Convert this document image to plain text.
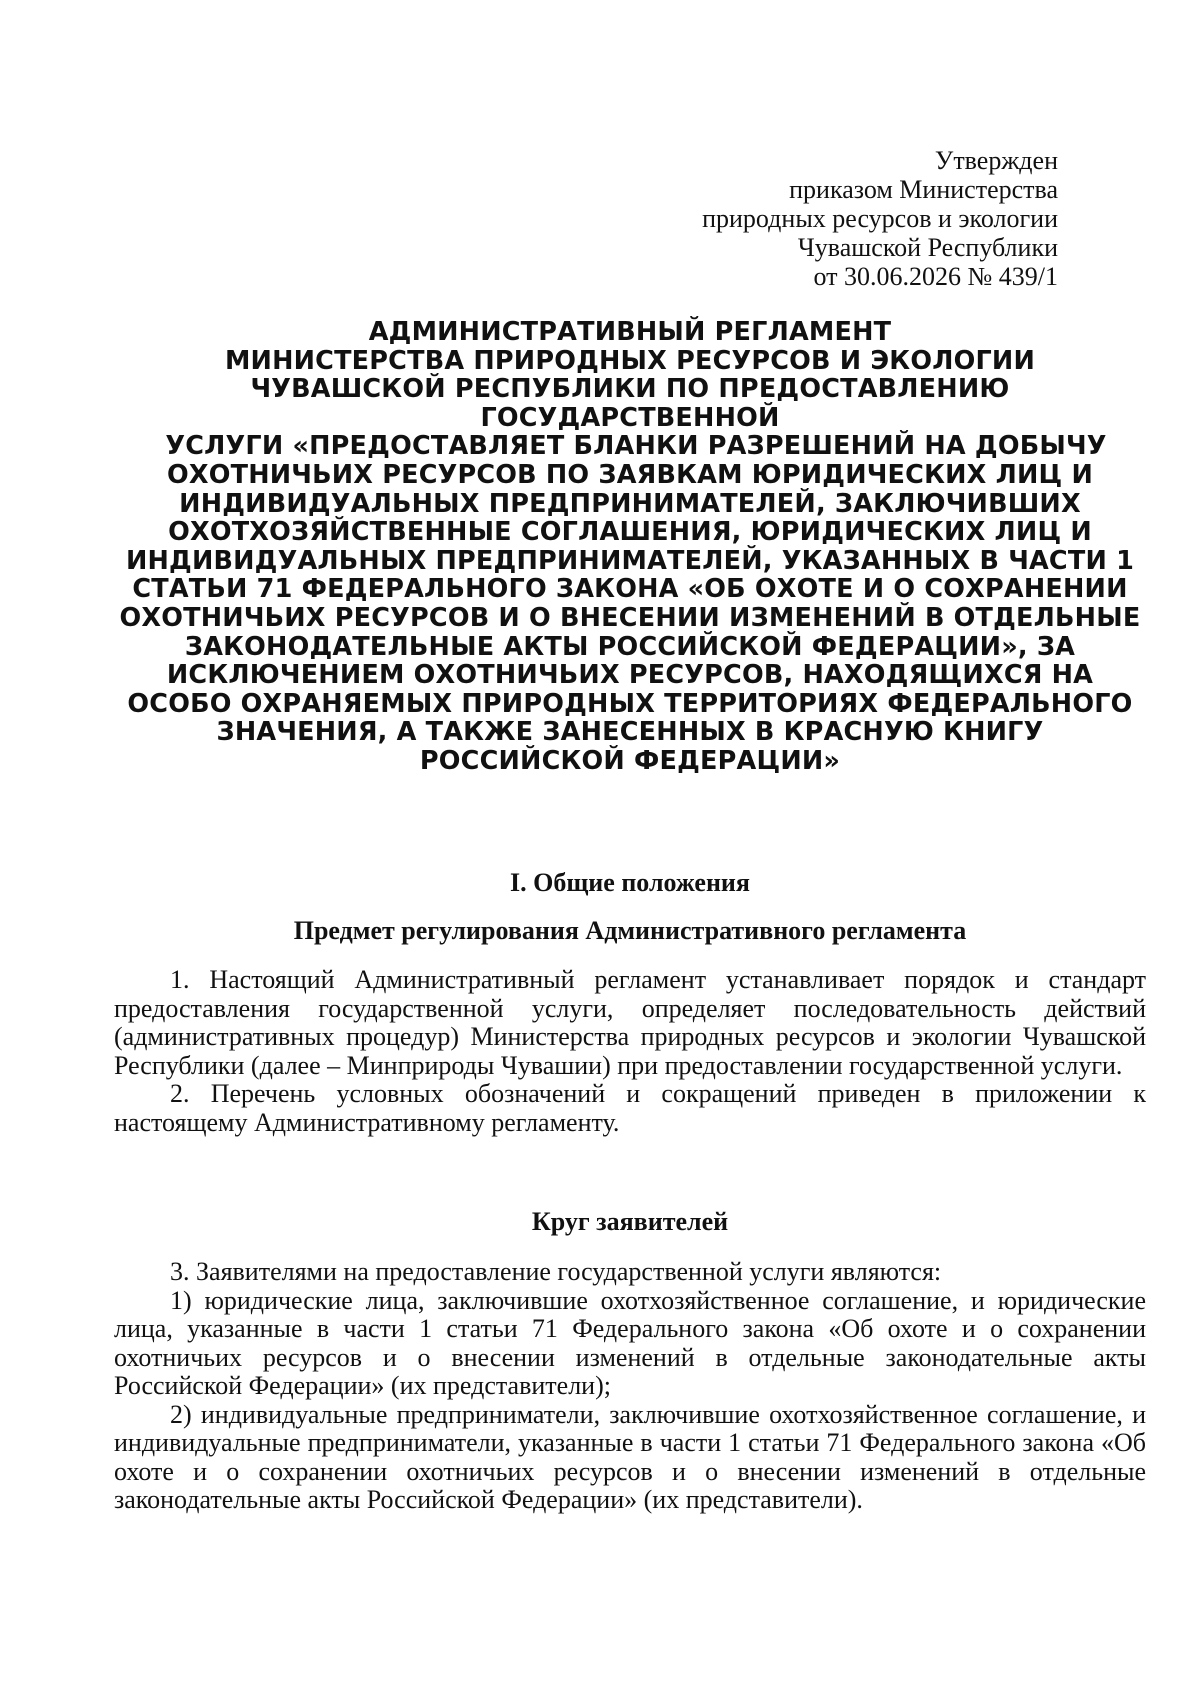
Утвержден
приказом Министерства
природных ресурсов и экологии
Чувашской Республики
от 30.06.2026 № 439/1
АДМИНИСТРАТИВНЫЙ РЕГЛАМЕНТ
МИНИСТЕРСТВА ПРИРОДНЫХ РЕСУРСОВ И ЭКОЛОГИИ
ЧУВАШСКОЙ РЕСПУБЛИКИ ПО ПРЕДОСТАВЛЕНИЮ
ГОСУДАРСТВЕННОЙ
УСЛУГИ «ПРЕДОСТАВЛЯЕТ БЛАНКИ РАЗРЕШЕНИЙ НА ДОБЫЧУ
ОХОТНИЧЬИХ РЕСУРСОВ ПО ЗАЯВКАМ ЮРИДИЧЕСКИХ ЛИЦ И
ИНДИВИДУАЛЬНЫХ ПРЕДПРИНИМАТЕЛЕЙ, ЗАКЛЮЧИВШИХ
ОХОТХОЗЯЙСТВЕННЫЕ СОГЛАШЕНИЯ, ЮРИДИЧЕСКИХ ЛИЦ И
ИНДИВИДУАЛЬНЫХ ПРЕДПРИНИМАТЕЛЕЙ, УКАЗАННЫХ В ЧАСТИ 1
СТАТЬИ 71 ФЕДЕРАЛЬНОГО ЗАКОНА «ОБ ОХОТЕ И О СОХРАНЕНИИ
ОХОТНИЧЬИХ РЕСУРСОВ И О ВНЕСЕНИИ ИЗМЕНЕНИЙ В ОТДЕЛЬНЫЕ
ЗАКОНОДАТЕЛЬНЫЕ АКТЫ РОССИЙСКОЙ ФЕДЕРАЦИИ», ЗА
ИСКЛЮЧЕНИЕМ ОХОТНИЧЬИХ РЕСУРСОВ, НАХОДЯЩИХСЯ НА
ОСОБО ОХРАНЯЕМЫХ ПРИРОДНЫХ ТЕРРИТОРИЯХ ФЕДЕРАЛЬНОГО
ЗНАЧЕНИЯ, А ТАКЖЕ ЗАНЕСЕННЫХ В КРАСНУЮ КНИГУ
РОССИЙСКОЙ ФЕДЕРАЦИИ»
I. Общие положения
Предмет регулирования Административного регламента

1. Настоящий Административный регламент устанавливает порядок и стандарт предоставления государственной услуги, определяет последовательность действий (административных процедур) Министерства природных ресурсов и экологии Чувашской Республики (далее – Минприроды Чувашии) при предоставлении государственной услуги.

2. Перечень условных обозначений и сокращений приведен в приложении к настоящему Административному регламенту.

Круг заявителей

3. Заявителями на предоставление государственной услуги являются:

1) юридические лица, заключившие охотхозяйственное соглашение, и юридические лица, указанные в части 1 статьи 71 Федерального закона «Об охоте и о сохранении охотничьих ресурсов и о внесении изменений в отдельные законодательные акты Российской Федерации» (их представители);

2) индивидуальные предприниматели, заключившие охотхозяйственное соглашение, и индивидуальные предприниматели, указанные в части 1 статьи 71 Федерального закона «Об охоте и о сохранении охотничьих ресурсов и о внесении изменений в отдельные законодательные акты Российской Федерации» (их представители).
